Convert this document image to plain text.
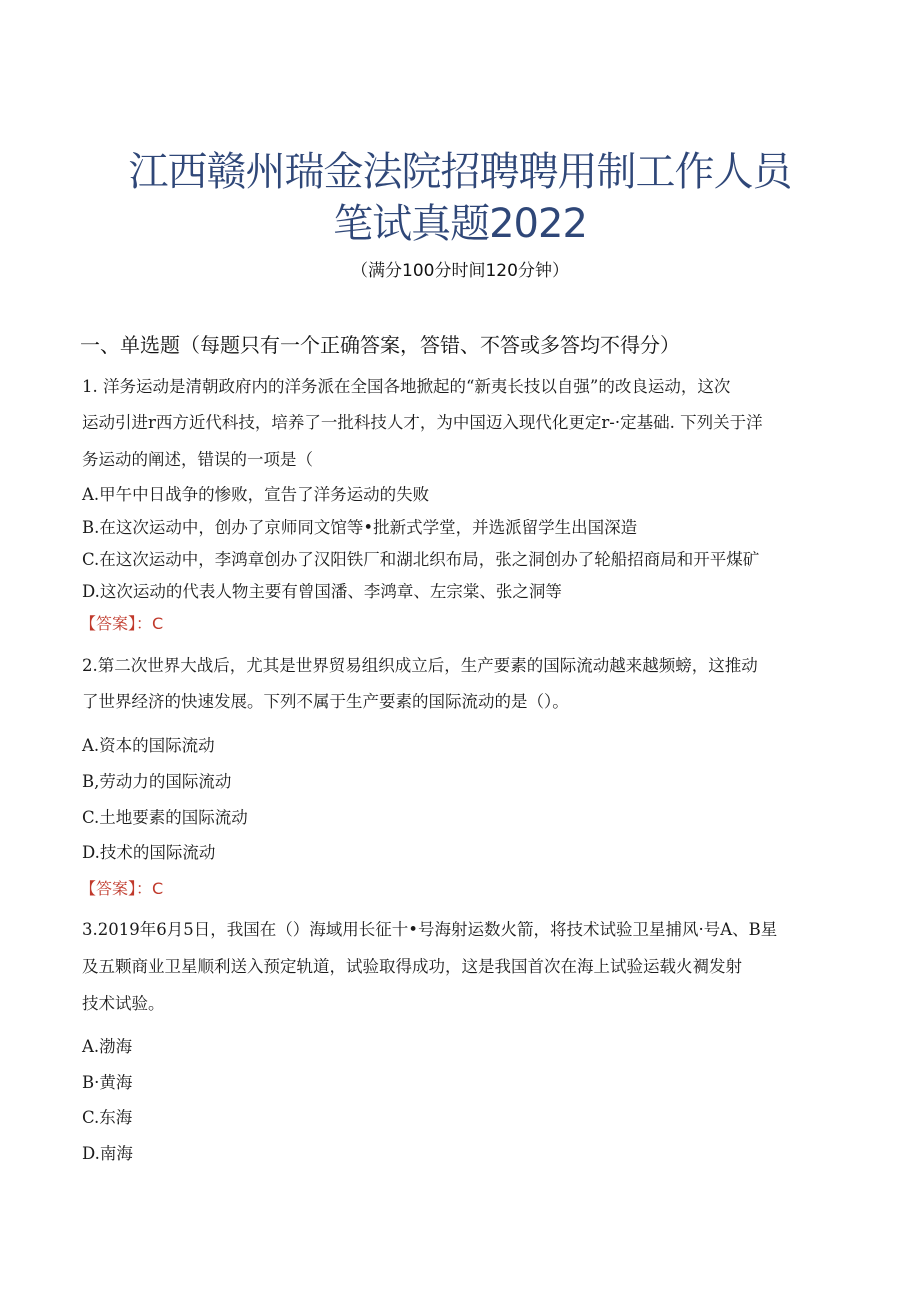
江西赣州瑞金法院招聘聘用制工作人员
笔试真题2022
（满分100分时间120分钟）
一、单选题（每题只有一个正确答案，答错、不答或多答均不得分）
1. 洋务运动是清朝政府内的洋务派在全国各地掀起的“新夷长技以自强”的改良运动，这次
运动引进r西方近代科技，培养了一批科技人才，为中国迈入现代化更定r-·定基础. 下列关于洋
务运动的阐述，错误的一项是（
A.甲午中日战争的惨败，宣告了洋务运动的失败
B.在这次运动中，创办了京师同文馆等•批新式学堂，并选派留学生出国深造
C.在这次运动中，李鸿章创办了汉阳铁厂和湖北织布局，张之洞创办了轮船招商局和开平煤矿
D.这次运动的代表人物主要有曾国潘、李鸿章、左宗棠、张之洞等
【答案】：C
2.第二次世界大战后，尤其是世界贸易组织成立后，生产要素的国际流动越来越频螃，这推动
了世界经济的快速发展。下列不属于生产要素的国际流动的是（）。
A.资本的国际流动
B,劳动力的国际流动
C.土地要素的国际流动
D.技术的国际流动
【答案】：C
3.2019年6月5日，我国在（）海域用长征十•号海射运数火箭，将技术试验卫星捕风·号A、B星
及五颗商业卫星顺利送入预定轨道，试验取得成功，这是我国首次在海上试验运载火裯发射
技术试验。
A.渤海
B·黄海
C.东海
D.南海
